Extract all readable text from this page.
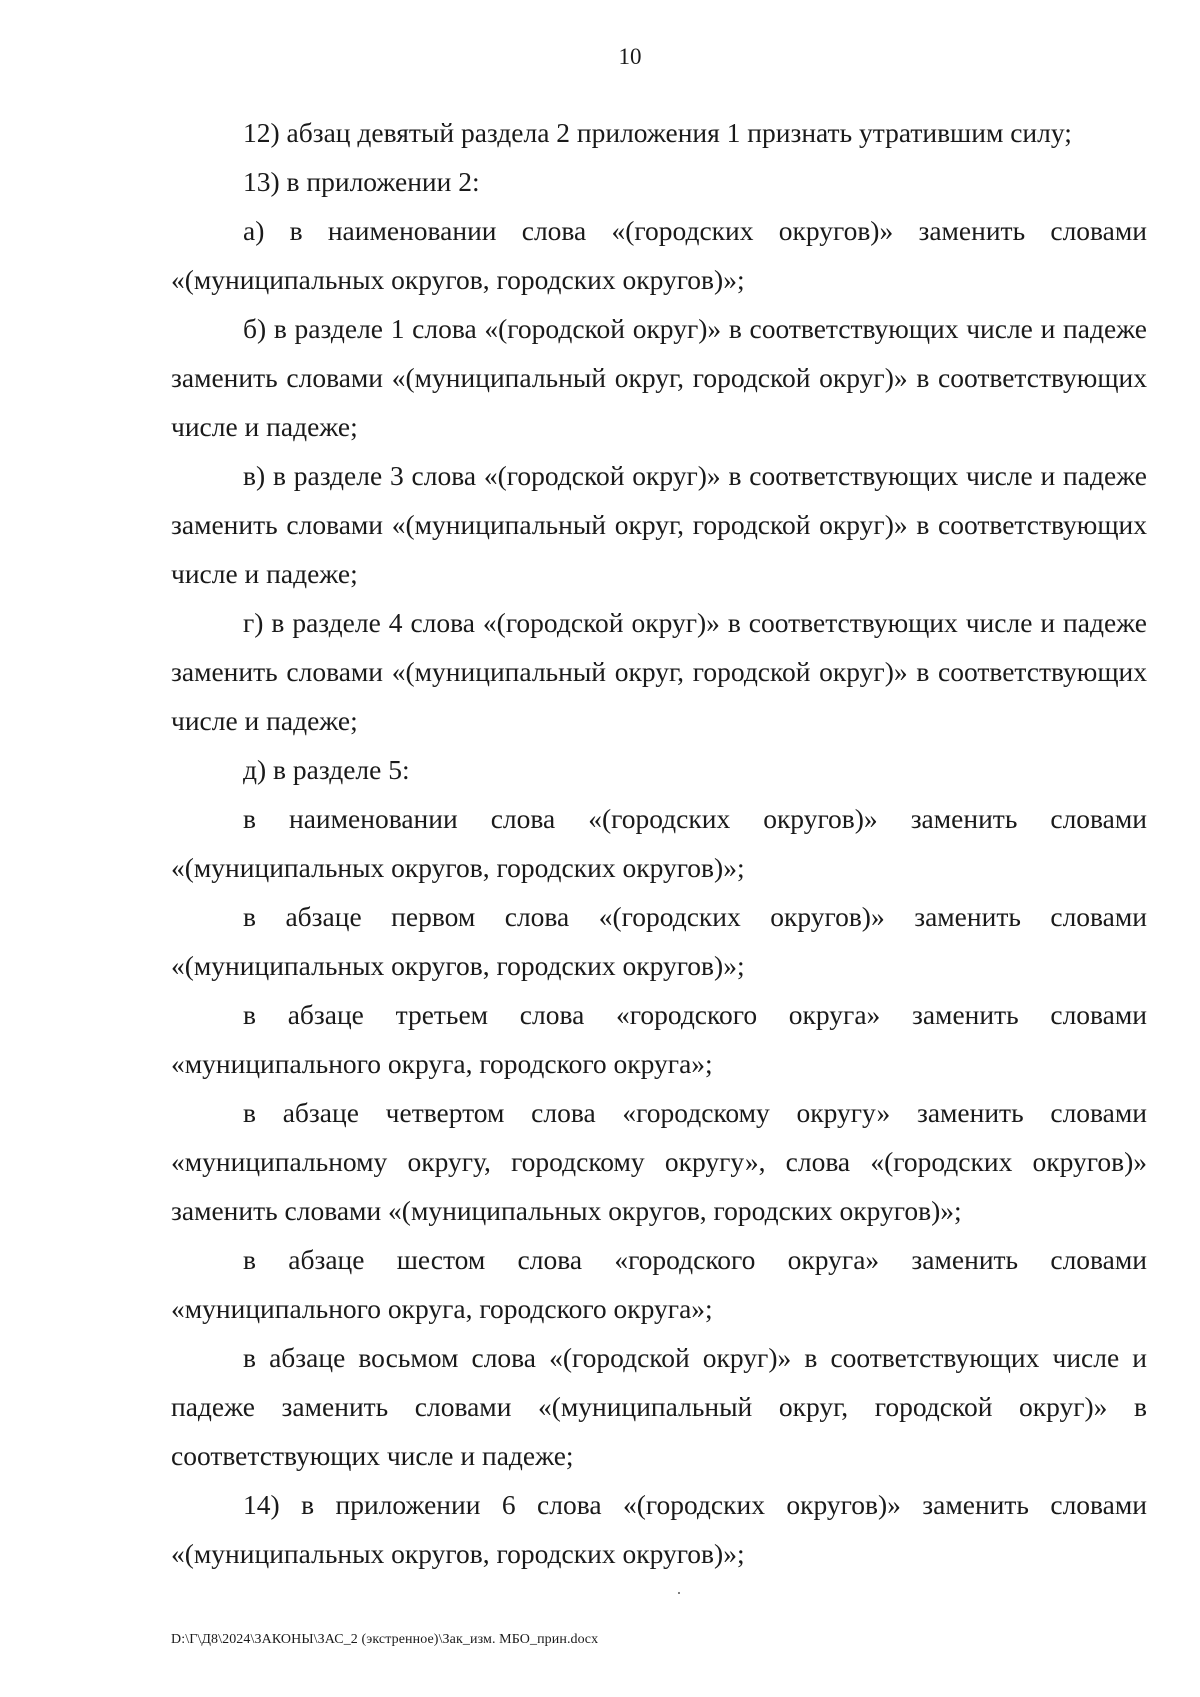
10

12) абзац девятый раздела 2 приложения 1 признать утратившим силу;

13) в приложении 2:

а) в наименовании слова «(городских округов)» заменить словами «(муниципальных округов, городских округов)»;

б) в разделе 1 слова «(городской округ)» в соответствующих числе и падеже заменить словами «(муниципальный округ, городской округ)» в соответствующих числе и падеже;

в) в разделе 3 слова «(городской округ)» в соответствующих числе и падеже заменить словами «(муниципальный округ, городской округ)» в соответствующих числе и падеже;

г) в разделе 4 слова «(городской округ)» в соответствующих числе и падеже заменить словами «(муниципальный округ, городской округ)» в соответствующих числе и падеже;

д) в разделе 5:

в наименовании слова «(городских округов)» заменить словами «(муниципальных округов, городских округов)»;

в абзаце первом слова «(городских округов)» заменить словами «(муниципальных округов, городских округов)»;

в абзаце третьем слова «городского округа» заменить словами «муниципального округа, городского округа»;

в абзаце четвертом слова «городскому округу» заменить словами «муниципальному округу, городскому округу», слова «(городских округов)» заменить словами «(муниципальных округов, городских округов)»;

в абзаце шестом слова «городского округа» заменить словами «муниципального округа, городского округа»;

в абзаце восьмом слова «(городской округ)» в соответствующих числе и падеже заменить словами «(муниципальный округ, городской округ)» в соответствующих числе и падеже;

14) в приложении 6 слова «(городских округов)» заменить словами «(муниципальных округов, городских округов)»;

D:\Г\Д8\2024\ЗАКОНЫ\ЗАС_2 (экстренное)\Зак_изм. МБО_прин.docx
